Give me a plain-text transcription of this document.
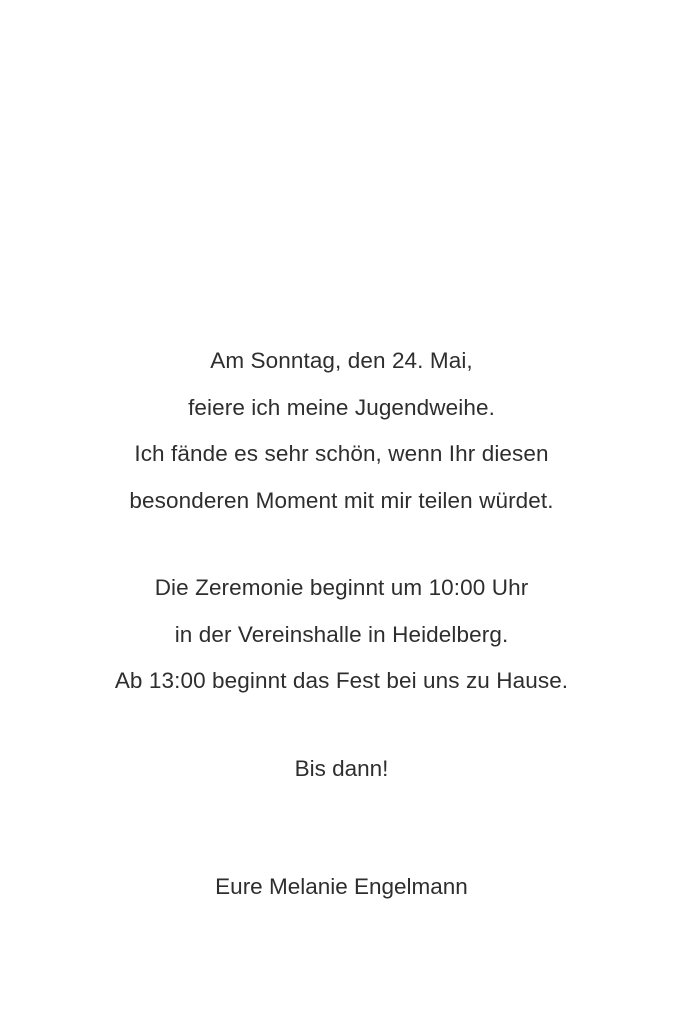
Am Sonntag, den 24. Mai,
feiere ich meine Jugendweihe.
Ich fände es sehr schön, wenn Ihr diesen
besonderen Moment mit mir teilen würdet.
Die Zeremonie beginnt um 10:00 Uhr
in der Vereinshalle in Heidelberg.
Ab 13:00 beginnt das Fest bei uns zu Hause.
Bis dann!
Eure Melanie Engelmann
